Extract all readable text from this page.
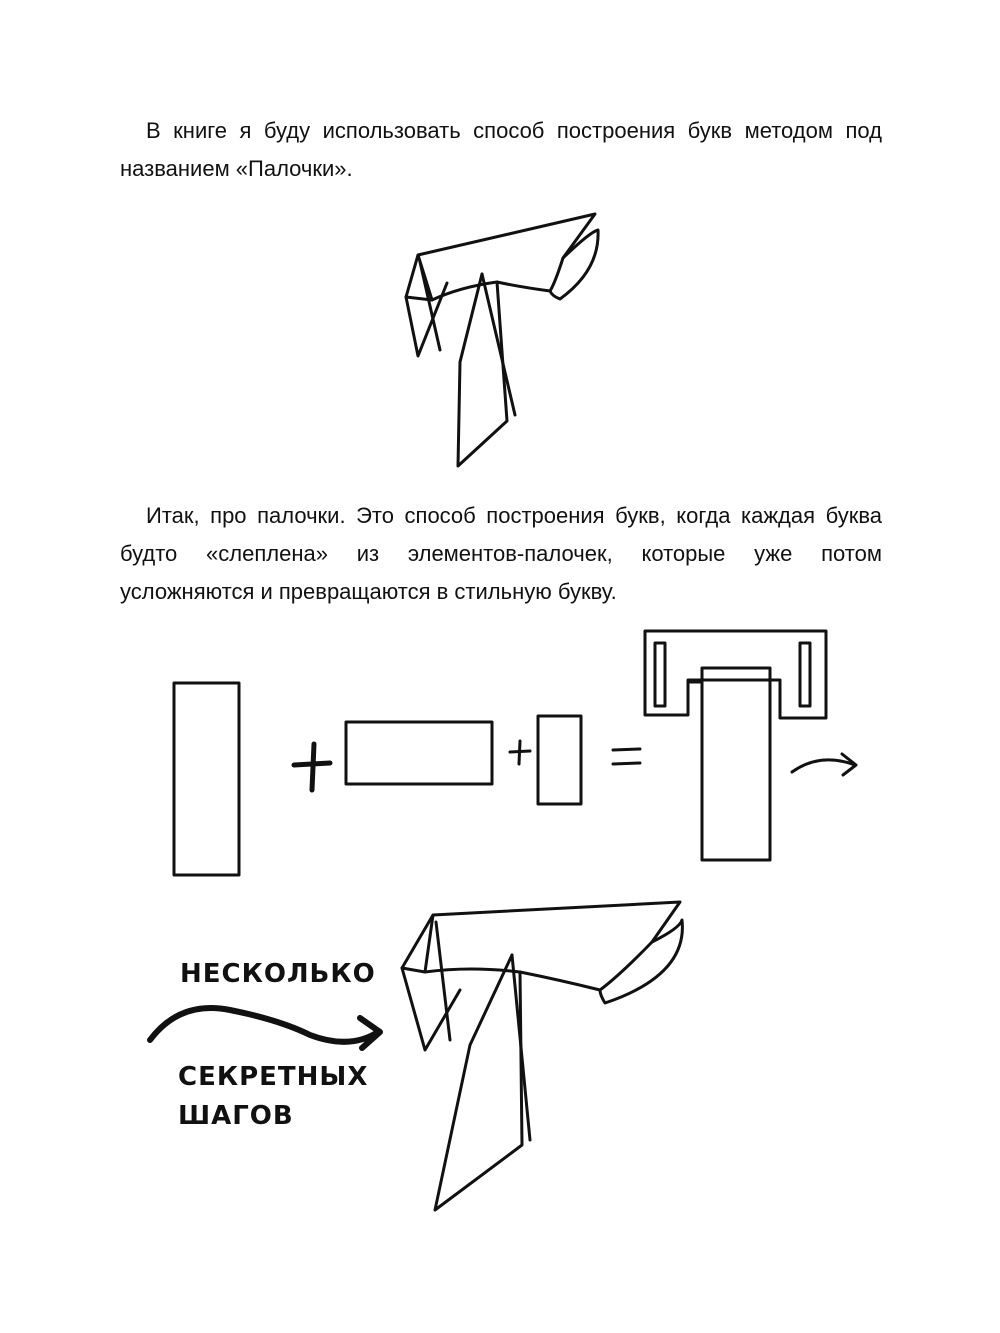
В книге я буду использовать способ построения букв методом под названием «Палочки».

Итак, про палочки. Это способ построения букв, когда каждая буква будто «слеплена» из элементов-палочек, которые уже потом усложняются и превращаются в стильную букву.

НЕСКОЛЬКО
СЕКРЕТНЫХ
ШАГОВ
